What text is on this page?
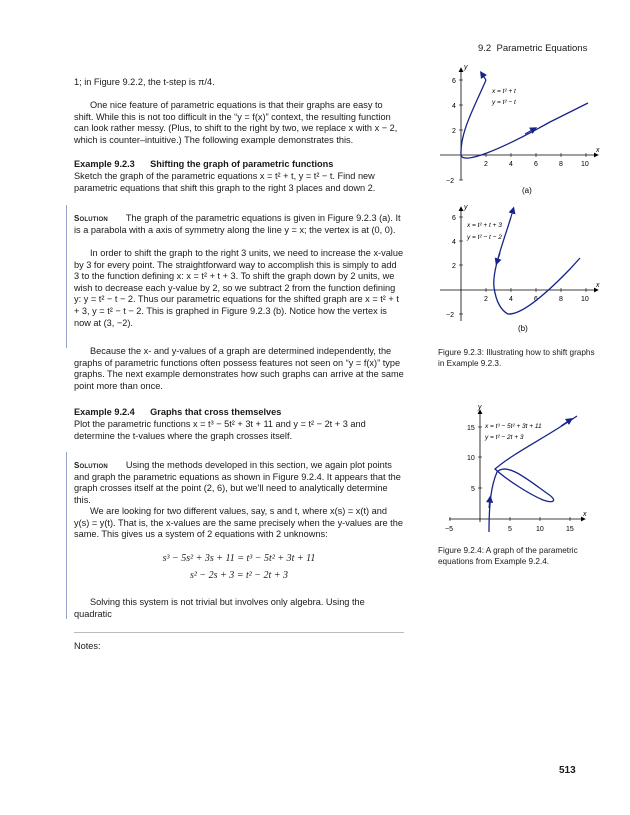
9.2 Parametric Equations

1; in Figure 9.2.2, the t-step is π/4.

One nice feature of parametric equations is that their graphs are easy to shift. While this is not too difficult in the “y = f(x)” context, the resulting function can look rather messy. (Plus, to shift to the right by two, we replace x with x − 2, which is counter–intuitive.) The following example demonstrates this.

Example 9.2.3 Shifting the graph of parametric functions

Sketch the graph of the parametric equations x = t² + t, y = t² − t. Find new parametric equations that shift this graph to the right 3 places and down 2.

Solution The graph of the parametric equations is given in Figure 9.2.3 (a). It is a parabola with a axis of symmetry along the line y = x; the vertex is at (0, 0).

In order to shift the graph to the right 3 units, we need to increase the x-value by 3 for every point. The straightforward way to accomplish this is simply to add 3 to the function defining x: x = t² + t + 3. To shift the graph down by 2 units, we wish to decrease each y-value by 2, so we subtract 2 from the function defining y: y = t² − t − 2. Thus our parametric equations for the shifted graph are x = t² + t + 3, y = t² − t − 2. This is graphed in Figure 9.2.3 (b). Notice how the vertex is now at (3, −2).

Because the x- and y-values of a graph are determined independently, the graphs of parametric functions often possess features not seen on “y = f(x)” type graphs. The next example demonstrates how such graphs can arrive at the same point more than once.

Example 9.2.4 Graphs that cross themselves

Plot the parametric functions x = t³ − 5t² + 3t + 11 and y = t² − 2t + 3 and determine the t-values where the graph crosses itself.

Solution Using the methods developed in this section, we again plot points and graph the parametric equations as shown in Figure 9.2.4. It appears that the graph crosses itself at the point (2, 6), but we’ll need to analytically determine this.

We are looking for two different values, say, s and t, where x(s) = x(t) and y(s) = y(t). That is, the x-values are the same precisely when the y-values are the same. This gives us a system of 2 equations with 2 unknowns:

s³ − 5s² + 3s + 11 = t³ − 5t² + 3t + 11
s² − 2s + 3 = t² − 2t + 3

Solving this system is not trivial but involves only algebra. Using the quadratic

Notes:
513
2	4	6	8	10
6
4
2
−2
x
y
x = t² + t
y = t² − t
(a)
2	4	6	8	10
6
4
2
−2
x
y
x = t² + t + 3
y = t² − t − 2
(b)
Figure 9.2.3: Illustrating how to shift graphs in Example 9.2.3.
−5	5	10	15
15
10
5
x
y
x = t³ − 5t² + 3t + 11
y = t² − 2t + 3
Figure 9.2.4: A graph of the parametric equations from Example 9.2.4.
